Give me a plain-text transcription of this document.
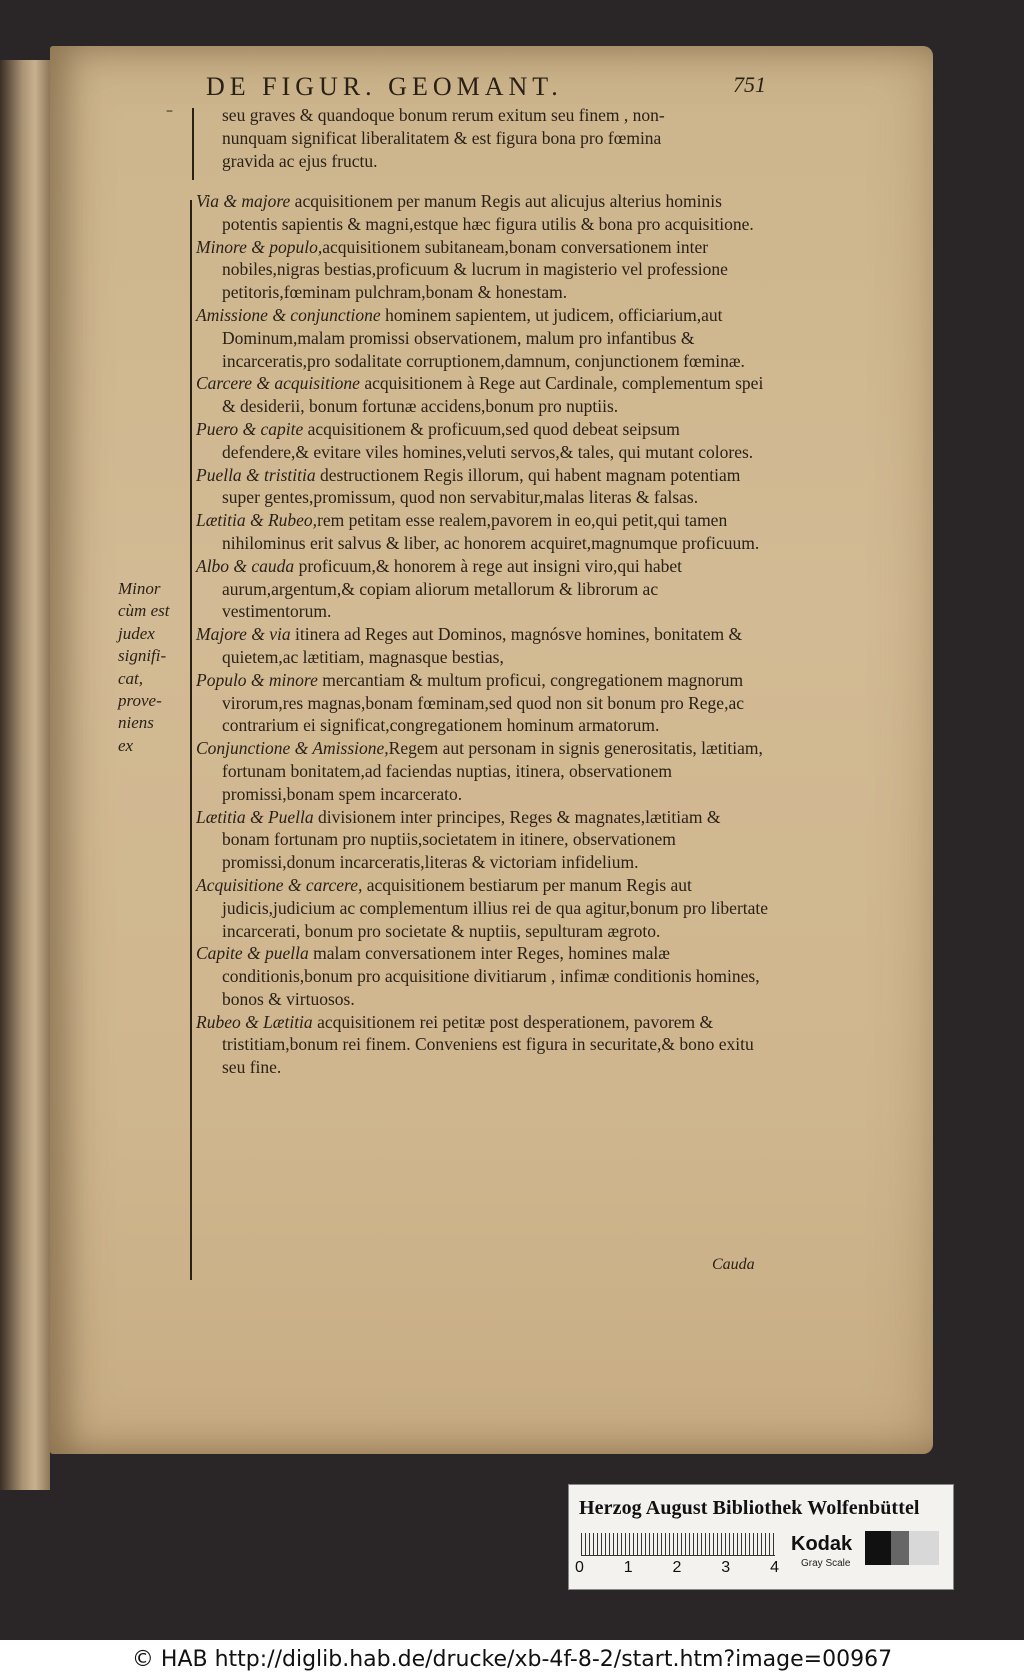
–
DE FIGUR. GEOMANT.	751

seu graves & quandoque bonum rerum exitum seu finem , non-

nunquam significat liberalitatem & est figura bona pro fœmina

gravida ac ejus fructu.

Via & majore acquisitionem per manum Regis aut alicujus alterius hominis potentis sapientis & magni,estque hæc figura utilis & bona pro acquisitione.

Minore & populo,acquisitionem subitaneam,bonam conversationem inter nobiles,nigras bestias,proficuum & lucrum in magisterio vel professione petitoris,fœminam pulchram,bonam & honestam.

Amissione & conjunctione hominem sapientem, ut judicem, officiarium,aut Dominum,malam promissi observationem, malum pro infantibus & incarceratis,pro sodalitate corruptionem,damnum, conjunctionem fœminæ.

Carcere & acquisitione acquisitionem à Rege aut Cardinale, complementum spei & desiderii, bonum fortunæ accidens,bonum pro nuptiis.

Puero & capite acquisitionem & proficuum,sed quod debeat seipsum defendere,& evitare viles homines,veluti servos,& tales, qui mutant colores.

Puella & tristitia destructionem Regis illorum, qui habent magnam potentiam super gentes,promissum, quod non servabitur,malas literas & falsas.

Lætitia & Rubeo,rem petitam esse realem,pavorem in eo,qui petit,qui tamen nihilominus erit salvus & liber, ac honorem acquiret,magnumque proficuum.

Albo & cauda proficuum,& honorem à rege aut insigni viro,qui habet aurum,argentum,& copiam aliorum metallorum & librorum ac vestimentorum.

Majore & via itinera ad Reges aut Dominos, magnósve homines, bonitatem & quietem,ac lætitiam, magnasque bestias,

Populo & minore mercantiam & multum proficui, congregationem magnorum virorum,res magnas,bonam fœminam,sed quod non sit bonum pro Rege,ac contrarium ei significat,congregationem hominum armatorum.

Conjunctione & Amissione,Regem aut personam in signis generositatis, lætitiam, fortunam bonitatem,ad faciendas nuptias, itinera, observationem promissi,bonam spem incarcerato.

Lætitia & Puella divisionem inter principes, Reges & magnates,lætitiam & bonam fortunam pro nuptiis,societatem in itinere, observationem promissi,donum incarceratis,literas & victoriam infidelium.

Acquisitione & carcere, acquisitionem bestiarum per manum Regis aut judicis,judicium ac complementum illius rei de qua agitur,bonum pro libertate incarcerati, bonum pro societate & nuptiis, sepulturam ægroto.

Capite & puella malam conversationem inter Reges, homines malæ conditionis,bonum pro acquisitione divitiarum , infimæ conditionis homines, bonos & virtuosos.

Rubeo & Lætitia acquisitionem rei petitæ post desperationem, pavorem & tristitiam,bonum rei finem. Conveniens est figura in securitate,& bono exitu seu fine.

Cauda
Minor
cùm est
judex
signifi-
cat,
prove-
niens
ex
Herzog August Bibliothek Wolfenbüttel
0 1 2 3 4
Kodak
Gray Scale
© HAB http://diglib.hab.de/drucke/xb-4f-8-2/start.htm?image=00967
